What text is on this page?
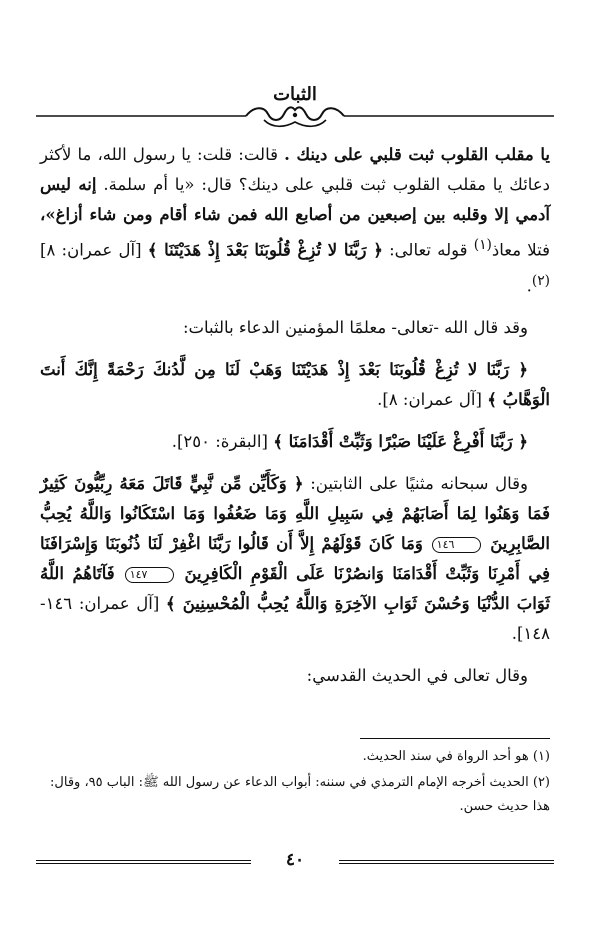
الثبات

يا مقلب القلوب ثبت قلبي على دينك . قالت: قلت: يا رسول الله، ما لأكثر دعائك يا مقلب القلوب ثبت قلبي على دينك؟ قال: «يا أم سلمة. إنه ليس آدمي إلا وقلبه بين إصبعين من أصابع الله فمن شاء أقام ومن شاء أزاغ»، فتلا معاذ$^{(١)}$ قوله تعالى: ﴿ رَبَّنَا لا تُزِغْ قُلُوبَنَا بَعْدَ إِذْ هَدَيْتَنَا ﴾ [آل عمران: ٨]$^{(٢)}$.

وقد قال الله -تعالى- معلمًا المؤمنين الدعاء بالثبات:

﴿ رَبَّنَا لا تُزِغْ قُلُوبَنَا بَعْدَ إِذْ هَدَيْتَنَا وَهَبْ لَنَا مِن لَّدُنكَ رَحْمَةً إِنَّكَ أَنتَ الْوَهَّابُ ﴾ [آل عمران: ٨].

﴿ رَبَّنَا أَفْرِغْ عَلَيْنَا صَبْرًا وَثَبِّتْ أَقْدَامَنَا ﴾ [البقرة: ٢٥٠].

وقال سبحانه مثنيًا على الثابتين: ﴿ وَكَأَيِّن مِّن نَّبِيٍّ قَاتَلَ مَعَهُ رِبِّيُّونَ كَثِيرٌ فَمَا وَهَنُوا لِمَا أَصَابَهُمْ فِي سَبِيلِ اللَّهِ وَمَا ضَعُفُوا وَمَا اسْتَكَانُوا وَاللَّهُ يُحِبُّ الصَّابِرِينَ ١٤٦ وَمَا كَانَ قَوْلَهُمْ إِلاَّ أَن قَالُوا رَبَّنَا اغْفِرْ لَنَا ذُنُوبَنَا وَإِسْرَافَنَا فِي أَمْرِنَا وَثَبِّتْ أَقْدَامَنَا وَانصُرْنَا عَلَى الْقَوْمِ الْكَافِرِينَ ١٤٧ فَآتَاهُمُ اللَّهُ ثَوَابَ الدُّنْيَا وَحُسْنَ ثَوَابِ الآخِرَةِ وَاللَّهُ يُحِبُّ الْمُحْسِنِينَ ﴾ [آل عمران: ١٤٦- ١٤٨].

وقال تعالى في الحديث القدسي:

(١) هو أحد الرواة في سند الحديث.

(٢) الحديث أخرجه الإمام الترمذي في سننه: أبواب الدعاء عن رسول الله ﷺ: الباب ٩٥، وقال: هذا حديث حسن.

٤٠
